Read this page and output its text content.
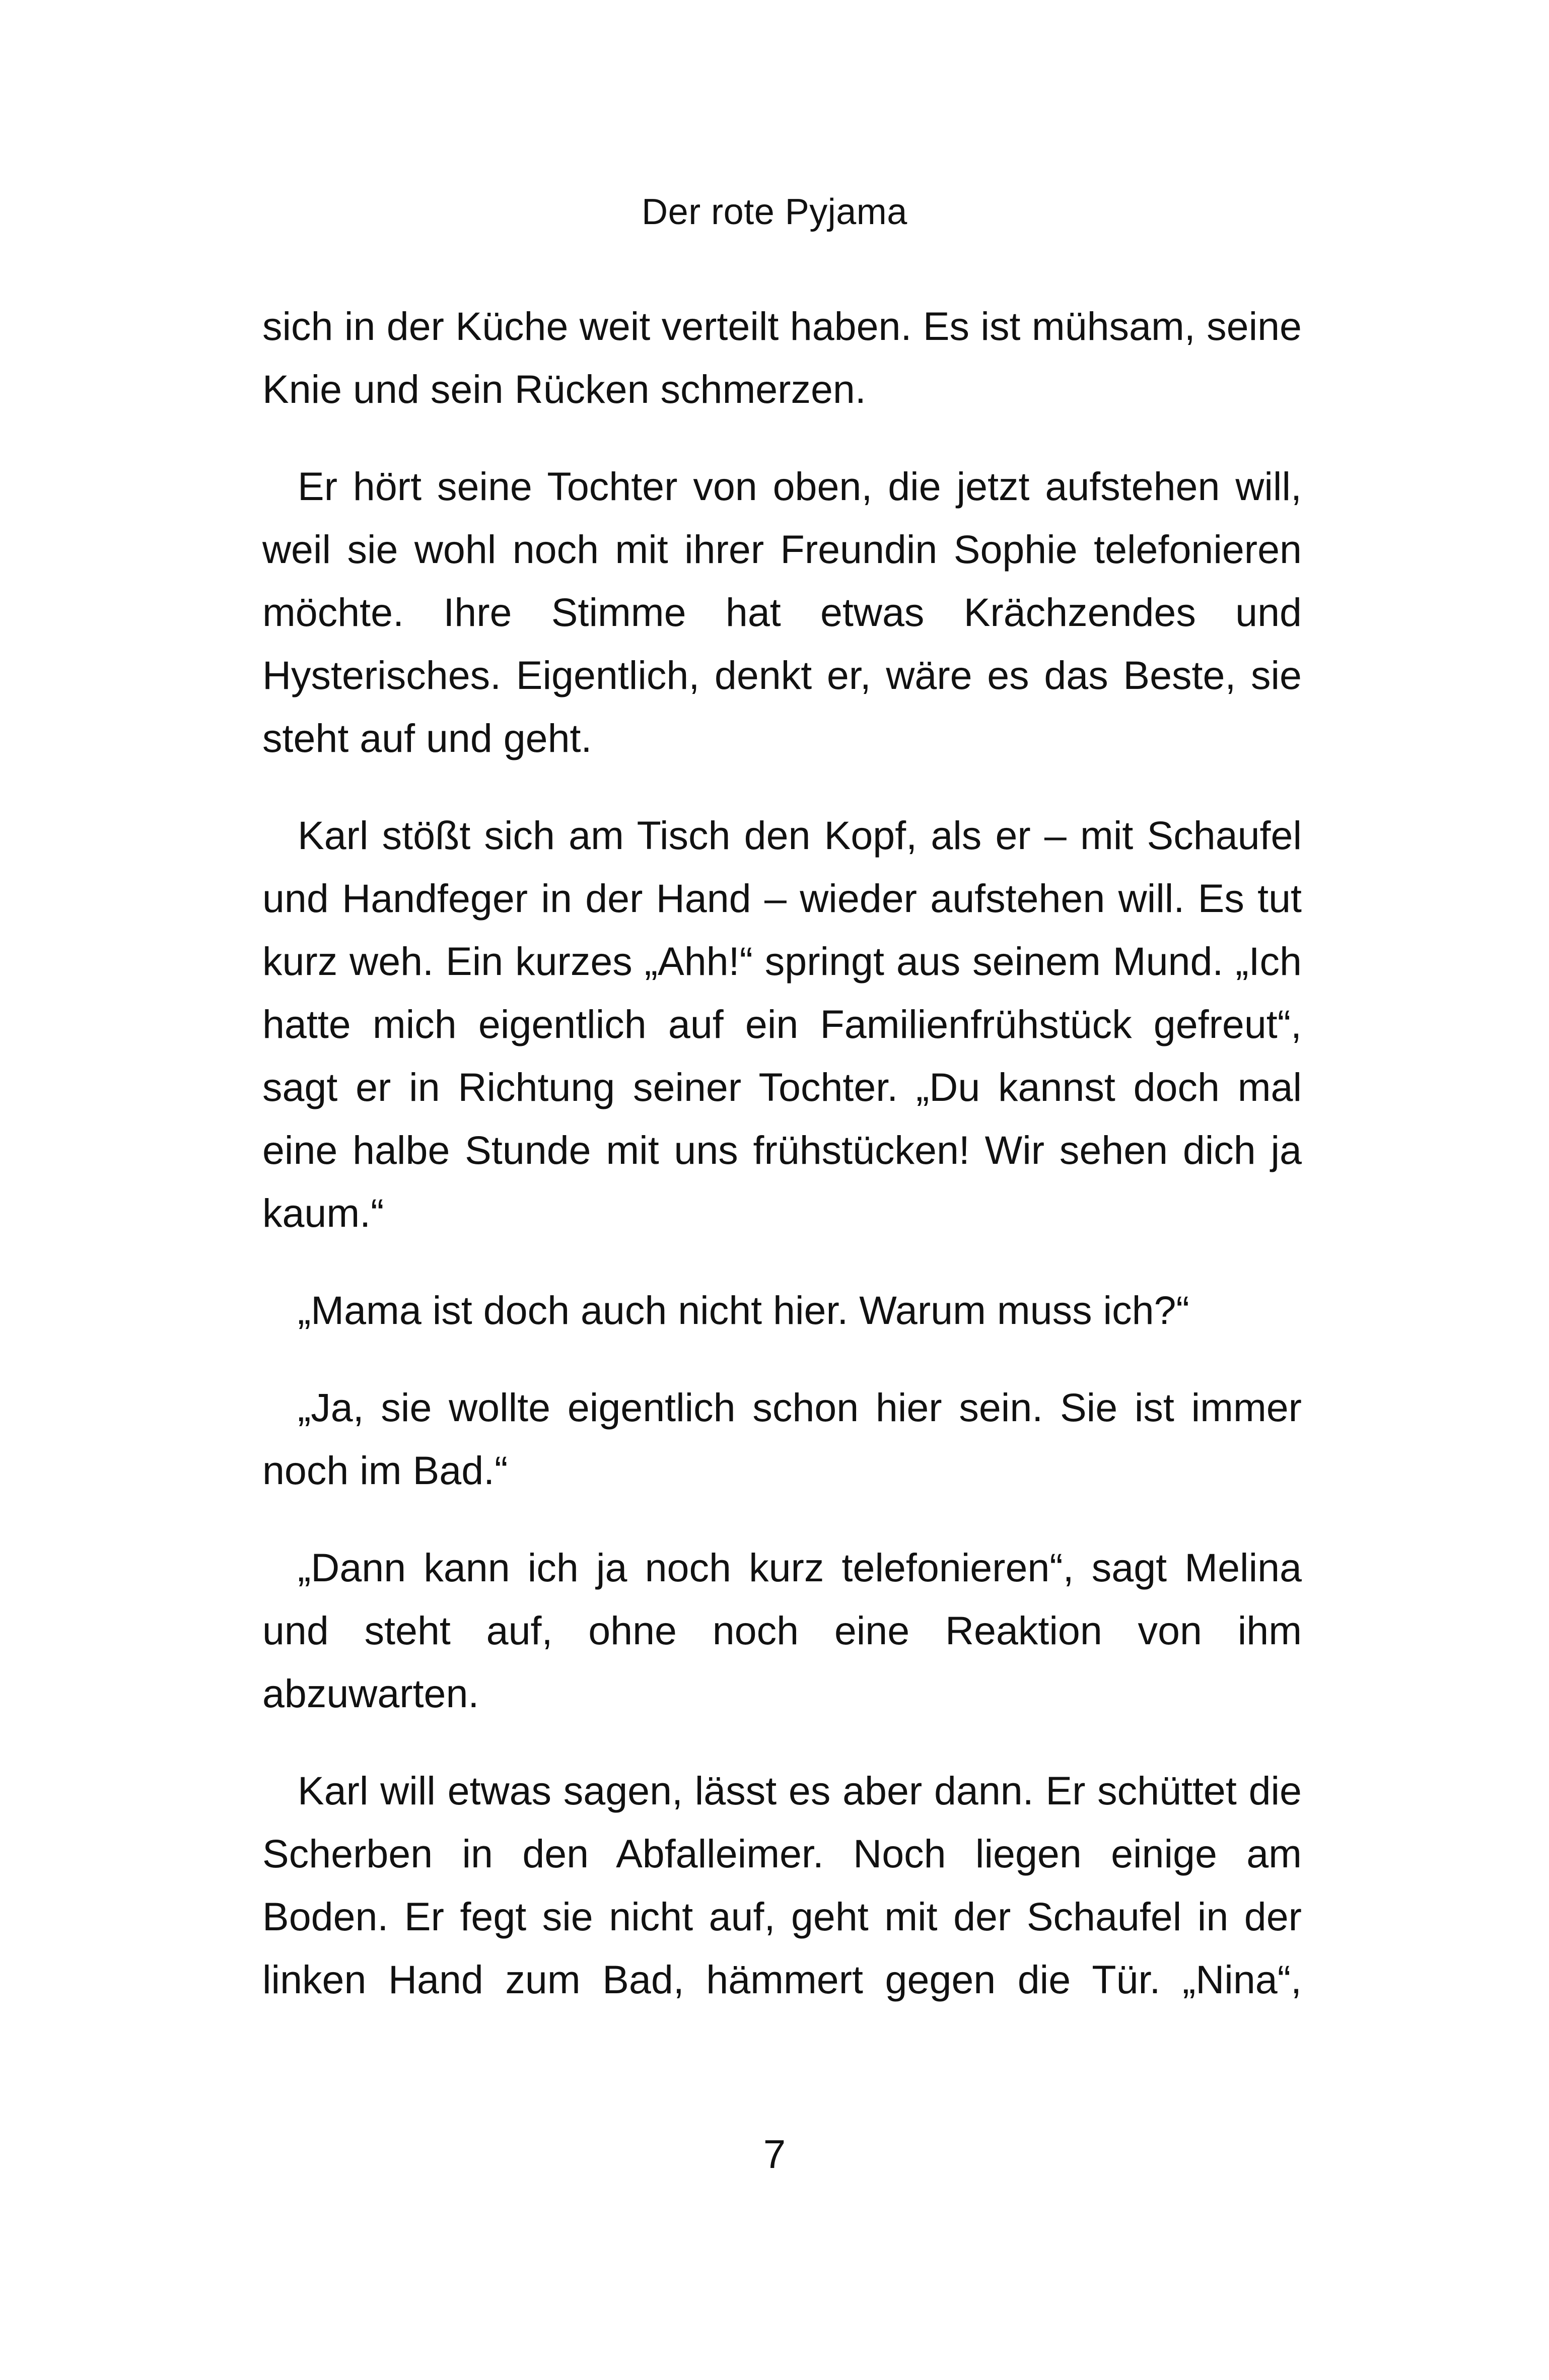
Der rote Pyjama

sich in der Küche weit verteilt haben. Es ist mühsam, seine Knie und sein Rücken schmerzen.

Er hört seine Tochter von oben, die jetzt aufstehen will, weil sie wohl noch mit ihrer Freundin Sophie telefonieren möchte. Ihre Stimme hat etwas Krächzendes und Hysterisches. Eigentlich, denkt er, wäre es das Beste, sie steht auf und geht.

Karl stößt sich am Tisch den Kopf, als er – mit Schaufel und Handfeger in der Hand – wieder aufstehen will. Es tut kurz weh. Ein kurzes „Ahh!“ springt aus seinem Mund. „Ich hatte mich eigentlich auf ein Familienfrühstück gefreut“, sagt er in Richtung seiner Tochter. „Du kannst doch mal eine halbe Stunde mit uns frühstücken! Wir sehen dich ja kaum.“

„Mama ist doch auch nicht hier. Warum muss ich?“

„Ja, sie wollte eigentlich schon hier sein. Sie ist immer noch im Bad.“

„Dann kann ich ja noch kurz telefonieren“, sagt Melina und steht auf, ohne noch eine Reaktion von ihm abzuwarten.

Karl will etwas sagen, lässt es aber dann. Er schüttet die Scherben in den Abfalleimer. Noch liegen einige am Boden. Er fegt sie nicht auf, geht mit der Schaufel in der linken Hand zum Bad, hämmert gegen die Tür. „Nina“,

7
